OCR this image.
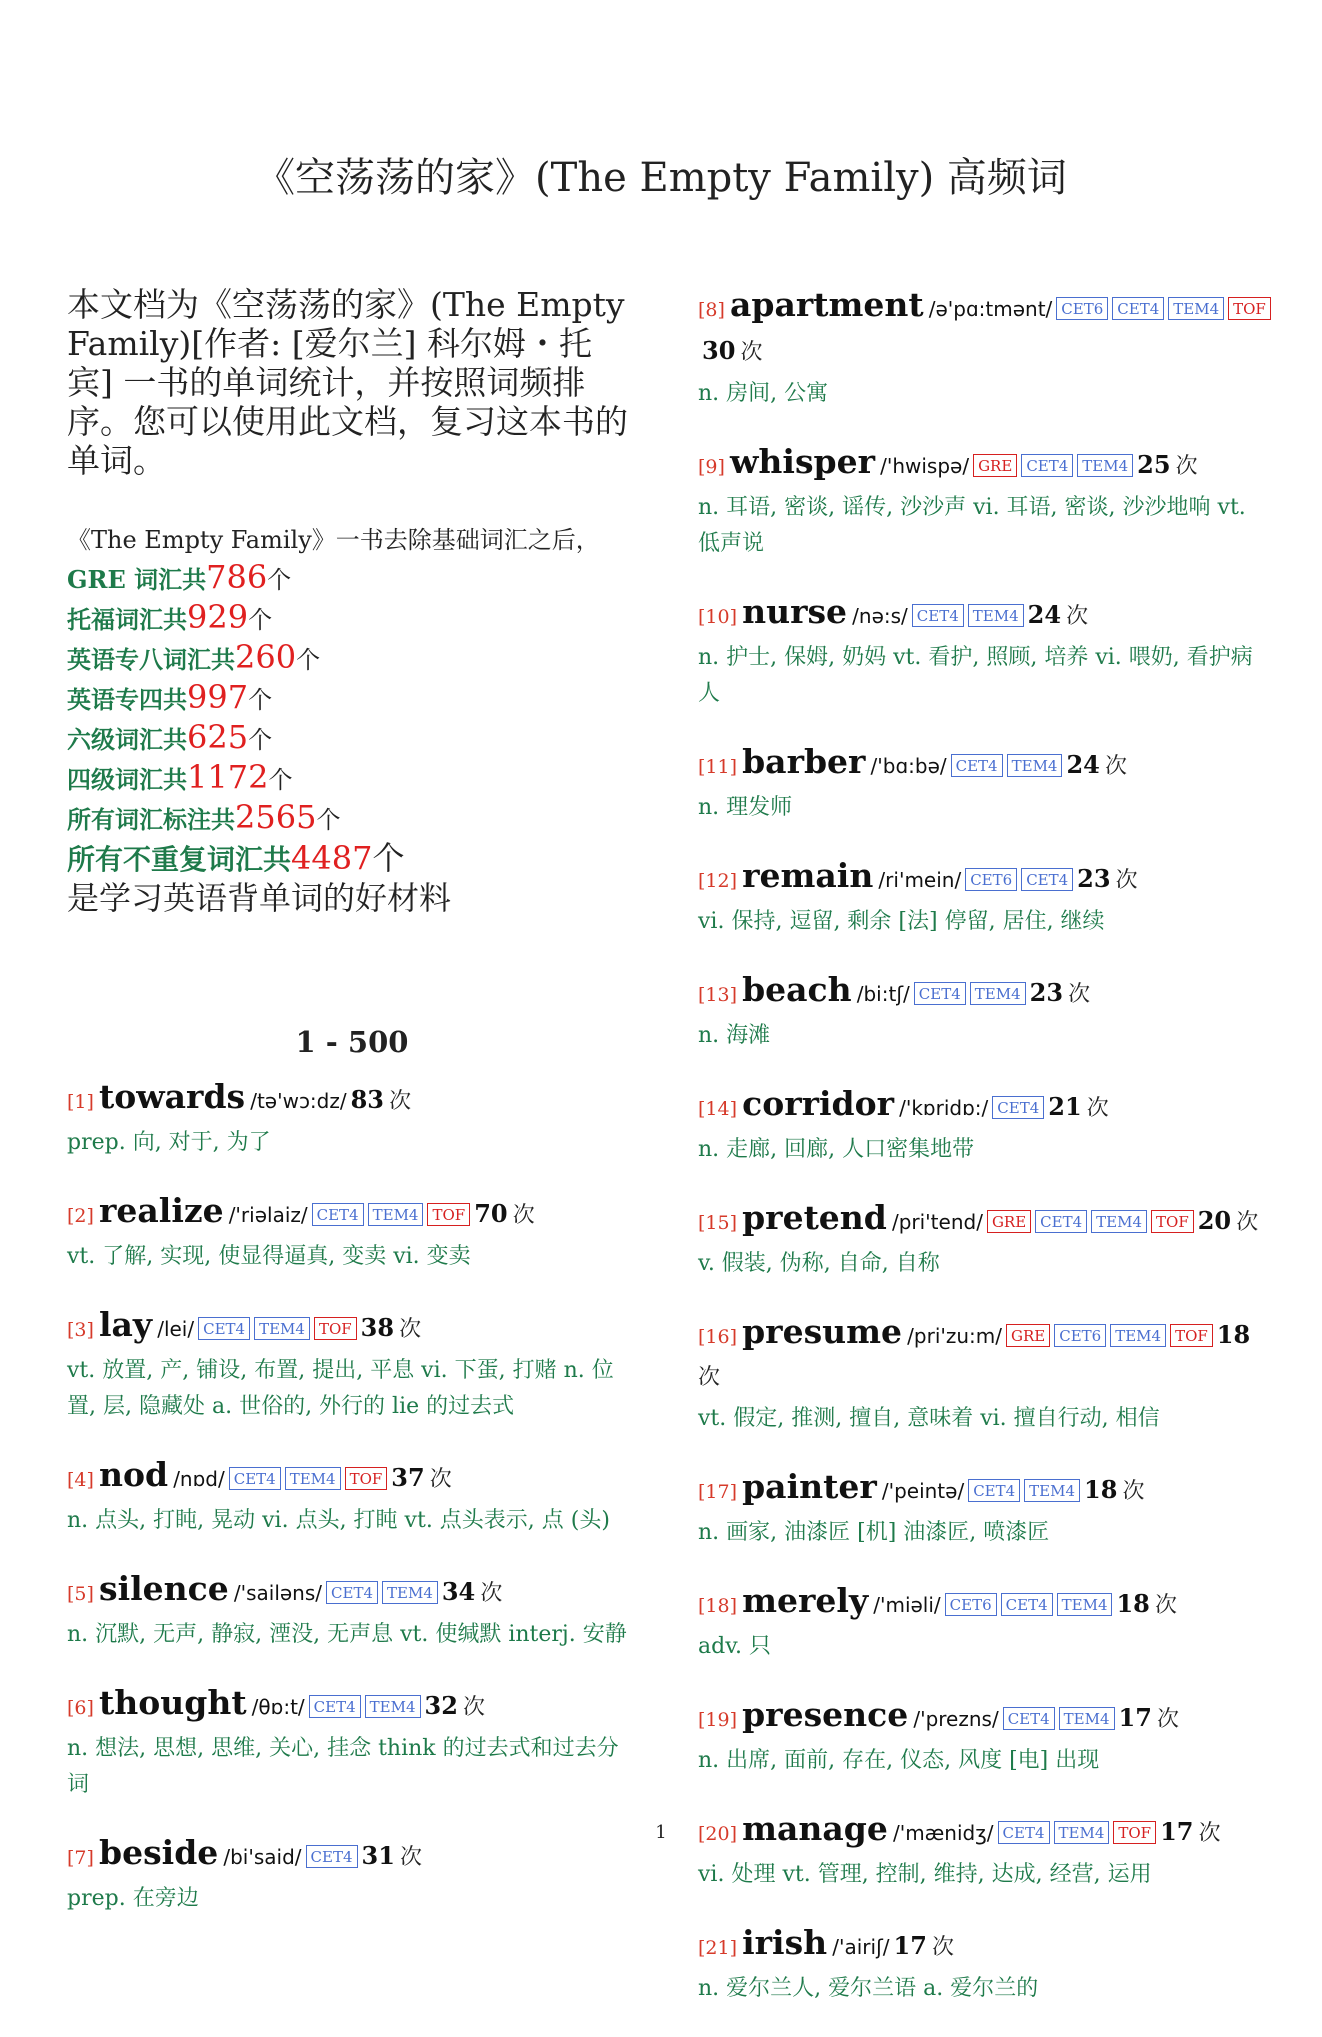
《空荡荡的家》(The Empty Family) 高频词

本文档为《空荡荡的家》(The Empty Family)[作者: [爱尔兰] 科尔姆・托宾] 一书的单词统计，并按照词频排序。您可以使用此文档，复习这本书的单词。

《The Empty Family》一书去除基础词汇之后，
GRE 词汇共786个
托福词汇共929个
英语专八词汇共260个
英语专四共997个
六级词汇共625个
四级词汇共1172个
所有词汇标注共2565个
所有不重复词汇共4487个
是学习英语背单词的好材料
1 - 500
[1] towards /tə'wɔ:dz/ 83 次
prep. 向, 对于, 为了
[2] realize /'riəlaiz/ CET4 TEM4 TOF 70 次
vt. 了解, 实现, 使显得逼真, 变卖 vi. 变卖
[3] lay /lei/ CET4 TEM4 TOF 38 次
vt. 放置, 产, 铺设, 布置, 提出, 平息 vi. 下蛋, 打赌 n. 位置, 层, 隐藏处 a. 世俗的, 外行的 lie 的过去式
[4] nod /nɒd/ CET4 TEM4 TOF 37 次
n. 点头, 打盹, 晃动 vi. 点头, 打盹 vt. 点头表示, 点 (头)
[5] silence /'sailəns/ CET4 TEM4 34 次
n. 沉默, 无声, 静寂, 湮没, 无声息 vt. 使缄默 interj. 安静
[6] thought /θɒ:t/ CET4 TEM4 32 次
n. 想法, 思想, 思维, 关心, 挂念 think 的过去式和过去分词
[7] beside /bi'said/ CET4 31 次
prep. 在旁边
[8] apartment /ə'pɑ:tmənt/ CET6 CET4 TEM4 TOF30 次
n. 房间, 公寓
[9] whisper /'hwispə/ GRE CET4 TEM4 25 次
n. 耳语, 密谈, 谣传, 沙沙声 vi. 耳语, 密谈, 沙沙地响 vt. 低声说
[10] nurse /nə:s/ CET4 TEM4 24 次
n. 护士, 保姆, 奶妈 vt. 看护, 照顾, 培养 vi. 喂奶, 看护病人
[11] barber /'bɑ:bə/ CET4 TEM4 24 次
n. 理发师
[12] remain /ri'mein/ CET6 CET4 23 次
vi. 保持, 逗留, 剩余 [法] 停留, 居住, 继续
[13] beach /bi:tʃ/ CET4 TEM4 23 次
n. 海滩
[14] corridor /'kɒridɒ:/ CET4 21 次
n. 走廊, 回廊, 人口密集地带
[15] pretend /pri'tend/ GRE CET4 TEM4 TOF 20 次
v. 假装, 伪称, 自命, 自称
[16] presume /pri'zu:m/ GRE CET6 TEM4 TOF 18 次
vt. 假定, 推测, 擅自, 意味着 vi. 擅自行动, 相信
[17] painter /'peintə/ CET4 TEM4 18 次
n. 画家, 油漆匠 [机] 油漆匠, 喷漆匠
[18] merely /'miəli/ CET6 CET4 TEM4 18 次
adv. 只
[19] presence /'prezns/ CET4 TEM4 17 次
n. 出席, 面前, 存在, 仪态, 风度 [电] 出现
[20] manage /'mænidʒ/ CET4 TEM4 TOF 17 次
vi. 处理 vt. 管理, 控制, 维持, 达成, 经营, 运用
[21] irish /'airiʃ/ 17 次
n. 爱尔兰人, 爱尔兰语 a. 爱尔兰的
1
